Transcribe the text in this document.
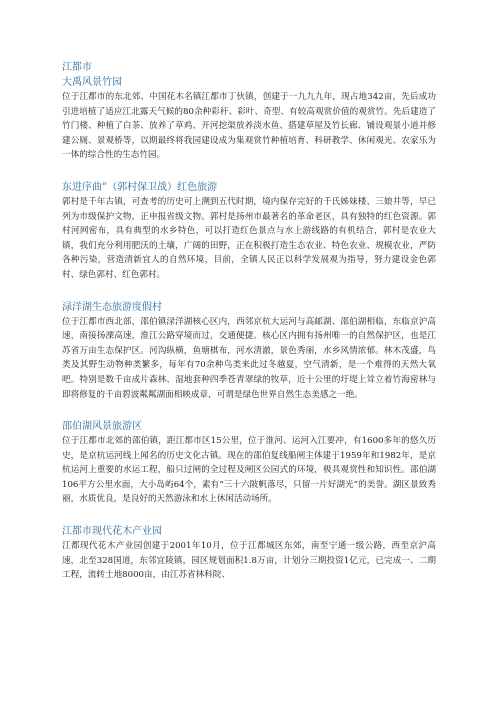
江都市

大禹风景竹园

位于江都市的东北郊、中国花木名镇江都市丁伙镇，创建于一九九九年，现占地342亩，先后成功引进培植了适应江北露天气候的80余种彩秆、彩叶、奇型、有较高观赏价值的观赏竹。先后建造了竹门楼、种植了白茶、放养了草鸡、开河挖渠放养淡水鱼、搭建草屋及竹长廊、铺设观景小道并修建公厕、景观桥等，以期最终将我园建设成为集观赏竹种植培育、科研教学、休闲观光、农家乐为一体的综合性的生态竹园。

东进序曲”（郭村保卫战）红色旅游

郭村是千年古镇，可查考的历史可上溯到五代时期，境内保存完好的千氏姊妹楼、三娘井等，早已列为市级保护文物，正申报省级文物。郭村是扬州市最著名的革命老区，具有独特的红色资源。郭村河网密布，具有典型的水乡特色，可以打造红色景点与水上游线路的有机结合，郭村是农业大镇，我们充分利用肥沃的土壤，广阔的田野，正在积极打造生态农业、特色农业、规模农业，严防各种污染，营造清新宜人的自然环境，目前，全镇人民正以科学发展观为指导，努力建设金色郭村、绿色郭村、红色郭村。

渌洋湖生态旅游度假村

位于江都市西北部，邵伯镇渌洋湖核心区内，西邻京杭大运河与高邮湖、邵伯湖相临，东临京沪高速，南接扬溧高速，淮江公路穿境而过，交通便捷。核心区内拥有扬州唯一的自然保护区，也是江苏省万亩生态保护区。河沟纵横，鱼塘棋布，河水清澈，景色秀丽，水乡风情浓郁。林木茂盛，鸟类及其野生动物种类繁多，每年有70余种鸟类来此过冬越夏，空气清新，是一个难得的天然大氧吧。特别是数千亩成片森林、湿地套种四季苍青翠绿的牧草，近十公里的圩堤上耸立着竹海密林与即将修复的千亩碧波粼粼湖面相映成章，可谓是绿色世界自然生态美感之一绝。

邵伯湖风景旅游区

位于江都市北郊的邵伯镇，距江都市区15公里，位于淮河、运河入江要冲，有1600多年的悠久历史，是京杭运河线上闻名的历史文化古镇。现在的邵伯复线船闸主体建于1959年和1982年，是京杭运河上重要的水运工程，船只过闸的全过程及闸区公园式的环境，极具观赏性和知识性。邵伯湖106平方公里水面，大小岛屿64个，素有“三十六陂帆落尽，只留一片好湖光”的美誉。湖区景致秀丽，水质优良，是良好的天然游泳和水上休闲活动场所。

江都市现代花木产业园

江都现代花木产业园创建于2001年10月，位于江都城区东郊，南至宁通一级公路，西至京沪高速，北至328国道，东邻宜陵镇，园区规划面积1.8万亩，计划分三期投资1亿元，已完成一、二期工程，流转土地8000亩，由江苏省林科院、
